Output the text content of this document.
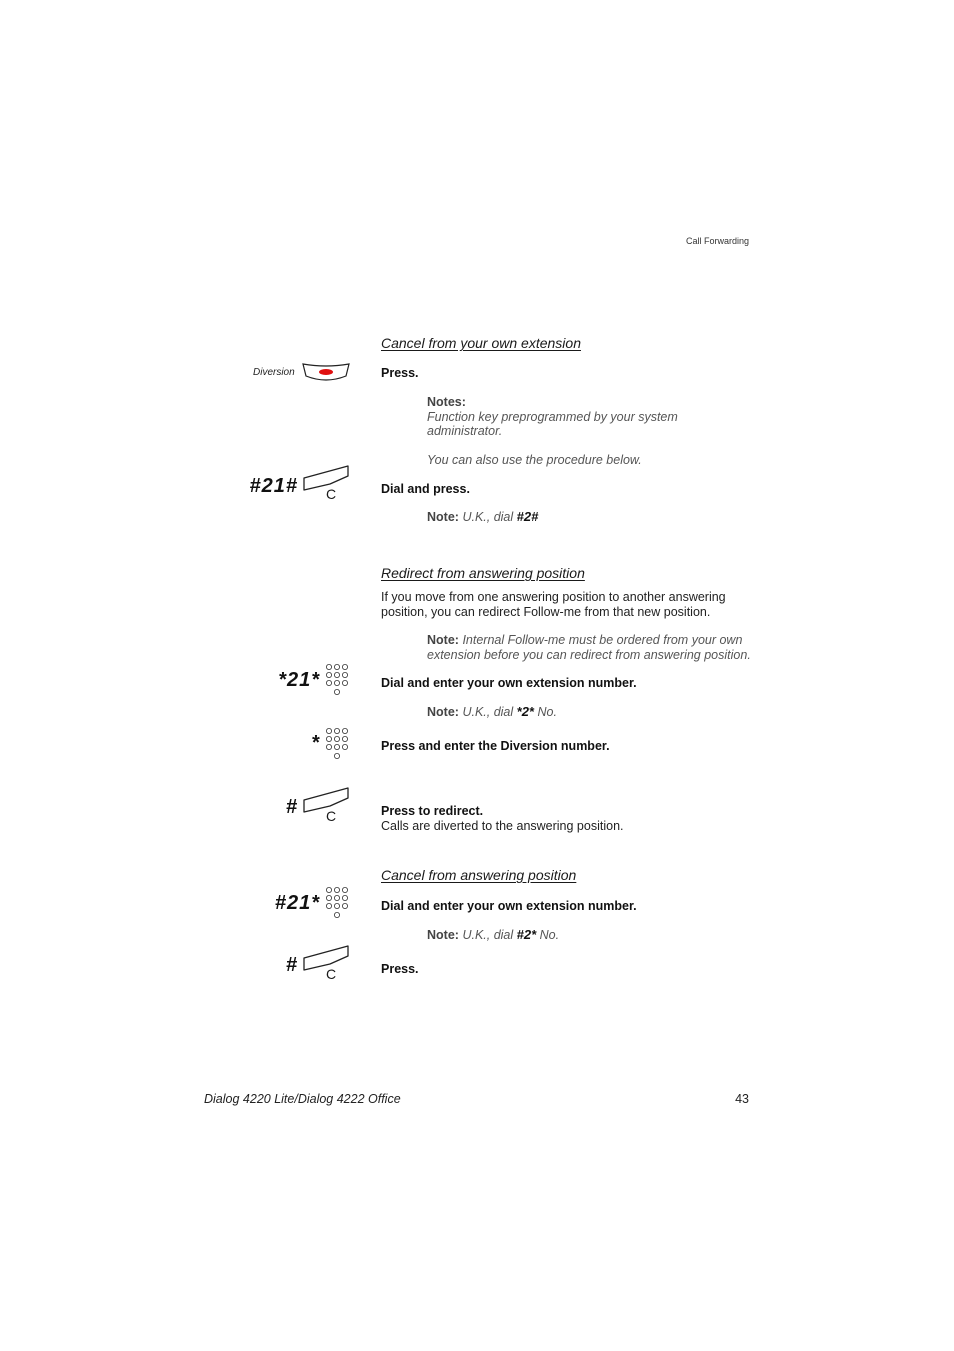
Call Forwarding
Cancel from your own extension
Diversion	Press.
Notes:
Function key preprogrammed by your system
administrator.
You can also use the procedure below.
#21# C	Dial and press.
Note: U.K., dial #2#
Redirect from answering position
If you move from one answering position to another answering
position, you can redirect Follow-me from that new position.
Note: Internal Follow-me must be ordered from your own
extension before you can redirect from answering position.
*21*	Dial and enter your own extension number.
Note: U.K., dial *2* No.
*	Press and enter the Diversion number.
# C	Press to redirect.
Calls are diverted to the answering position.
Cancel from answering position
#21*	Dial and enter your own extension number.
Note: U.K., dial #2* No.
# C	Press.
Dialog 4220 Lite/Dialog 4222 Office	43
